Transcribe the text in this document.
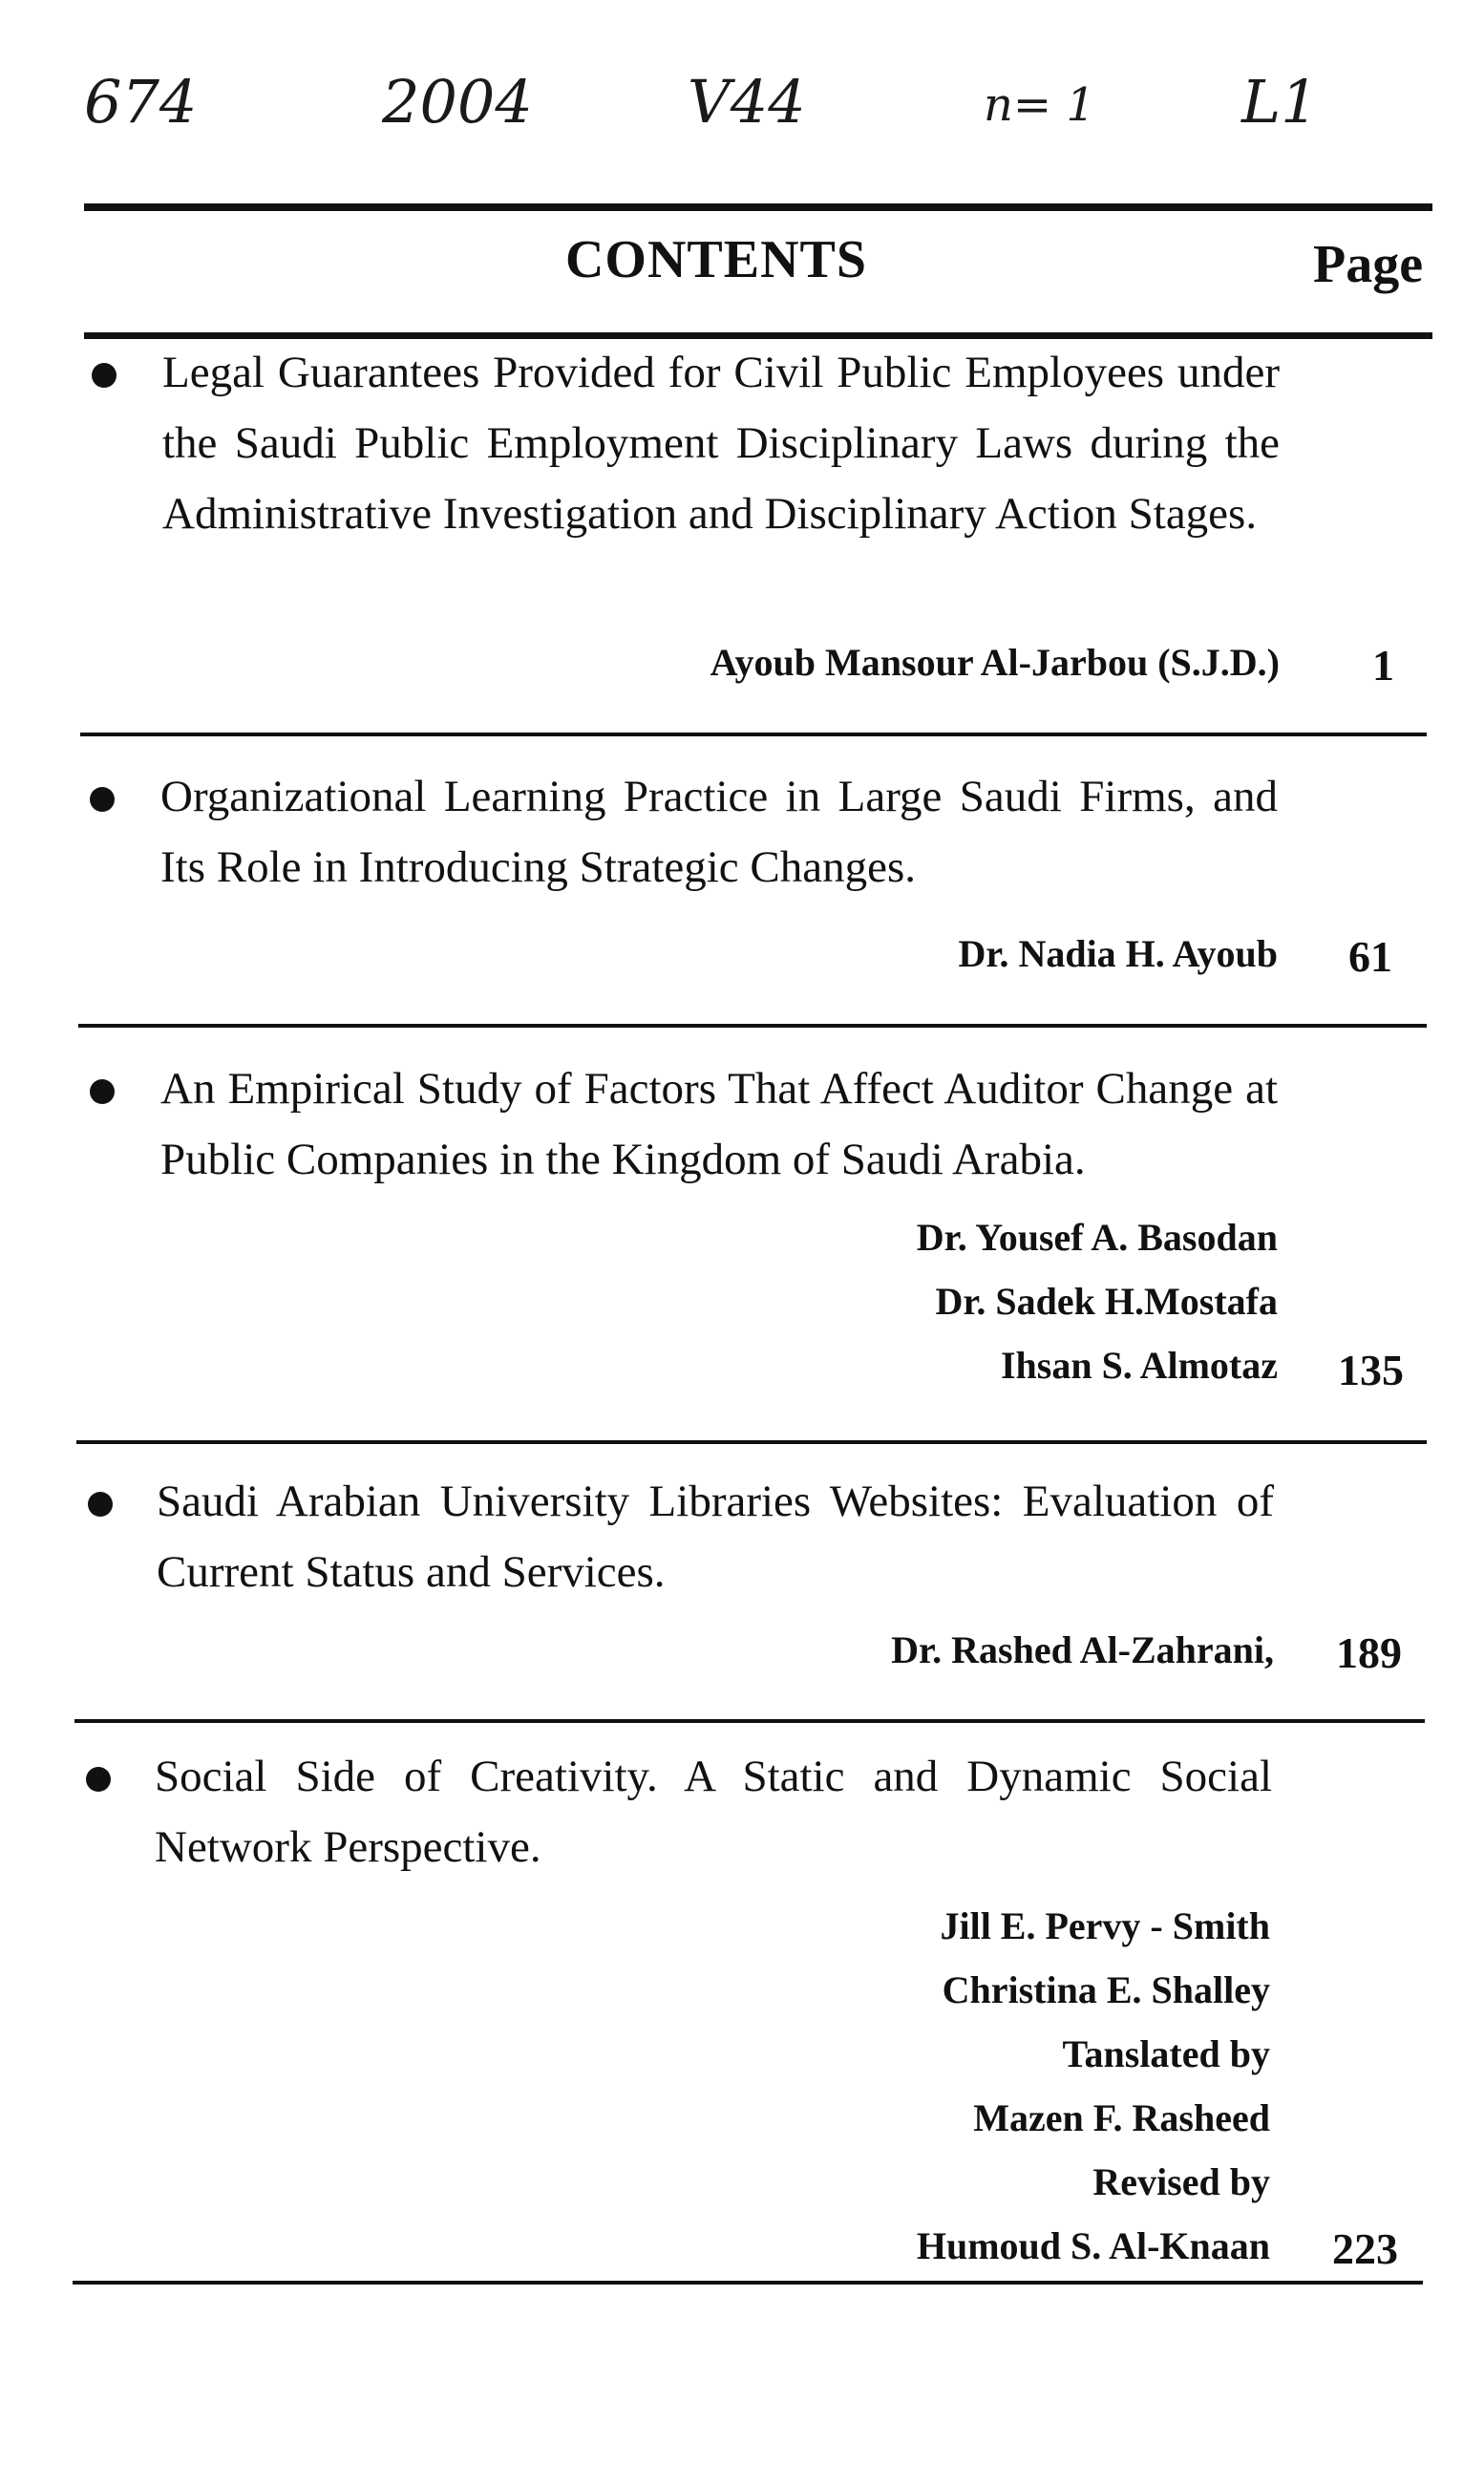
674	2004	V44	n= 1 L1
CONTENTS	Page
Legal Guarantees Provided for Civil Public Employees under the Saudi Public Employment Disciplinary Laws during the Administrative Investigation and Disciplinary Action Stages.
Ayoub Mansour Al-Jarbou (S.J.D.)	1
Organizational Learning Practice in Large Saudi Firms, and Its Role in Introducing Strategic Changes.
Dr. Nadia H. Ayoub	61
An Empirical Study of Factors That Affect Auditor Change at Public Companies in the Kingdom of Saudi Arabia.
Dr. Yousef A. Basodan
Dr. Sadek H.Mostafa
Ihsan S. Almotaz	135
Saudi Arabian University Libraries Websites: Evaluation of Current Status and Services.
Dr. Rashed Al-Zahrani,	189
Social Side of Creativity. A Static and Dynamic Social Network Perspective.
Jill E. Pervy - Smith
Christina E. Shalley
Tanslated by
Mazen F. Rasheed
Revised by
Humoud S. Al-Knaan	223
